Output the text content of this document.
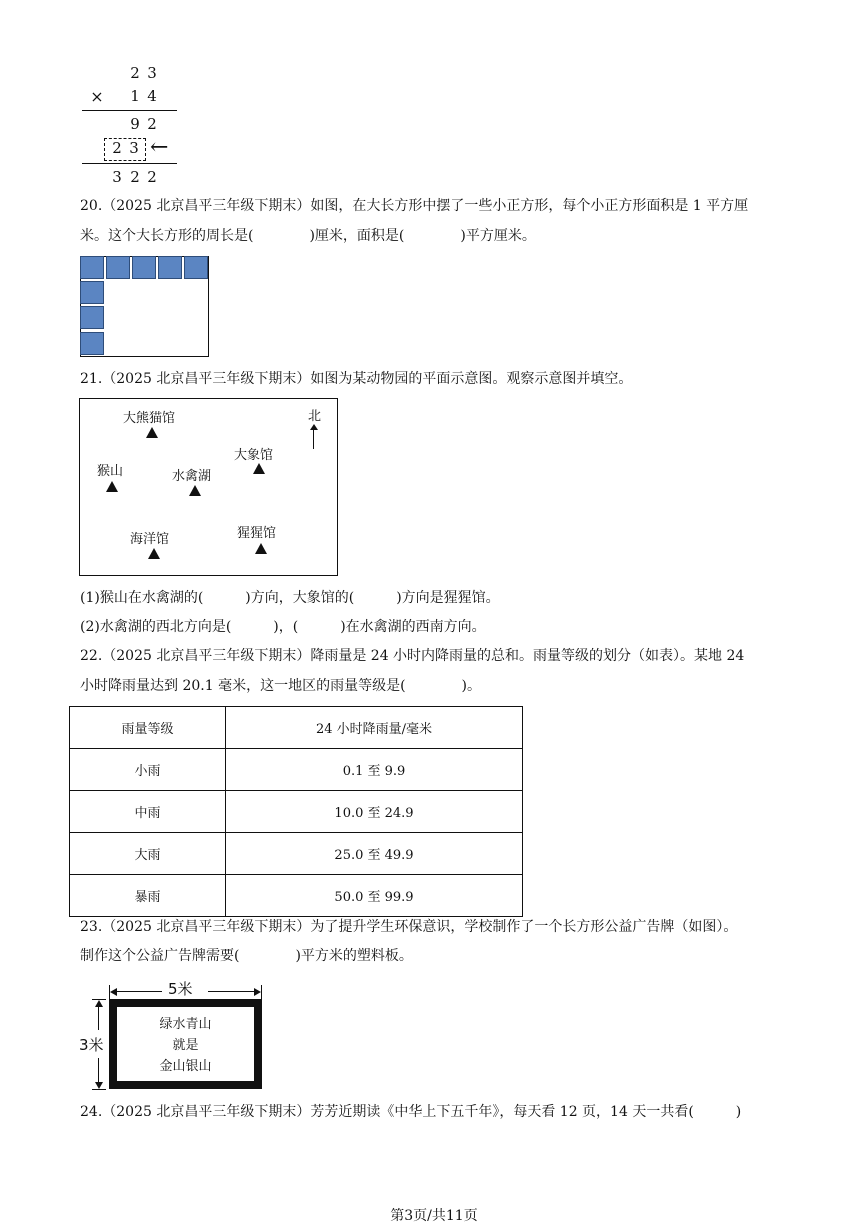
2 3
× 1 4
9 2
2 3 ←
3 2 2
20.（2025 北京昌平三年级下期末）如图，在大长方形中摆了一些小正方形，每个小正方形面积是 1 平方厘
米。这个大长方形的周长是(　　　　)厘米，面积是(　　　　)平方厘米。
21.（2025 北京昌平三年级下期末）如图为某动物园的平面示意图。观察示意图并填空。
北
大熊猫馆
大象馆
猴山	水禽湖
海洋馆	猩猩馆
(1)猴山在水禽湖的(　　　)方向，大象馆的(　　　)方向是猩猩馆。
(2)水禽湖的西北方向是(　　　)，(　　　)在水禽湖的西南方向。
22.（2025 北京昌平三年级下期末）降雨量是 24 小时内降雨量的总和。雨量等级的划分（如表）。某地 24
小时降雨量达到 20.1 毫米，这一地区的雨量等级是(　　　　)。
雨量等级	24 小时降雨量/毫米
小雨	0.1 至 9.9
中雨	10.0 至 24.9
大雨	25.0 至 49.9
暴雨	50.0 至 99.9
23.（2025 北京昌平三年级下期末）为了提升学生环保意识，学校制作了一个长方形公益广告牌（如图）。
制作这个公益广告牌需要(　　　　)平方米的塑料板。
5米
3米
绿水青山
就是
金山银山
24.（2025 北京昌平三年级下期末）芳芳近期读《中华上下五千年》，每天看 12 页，14 天一共看(　　　)
第3页/共11页
